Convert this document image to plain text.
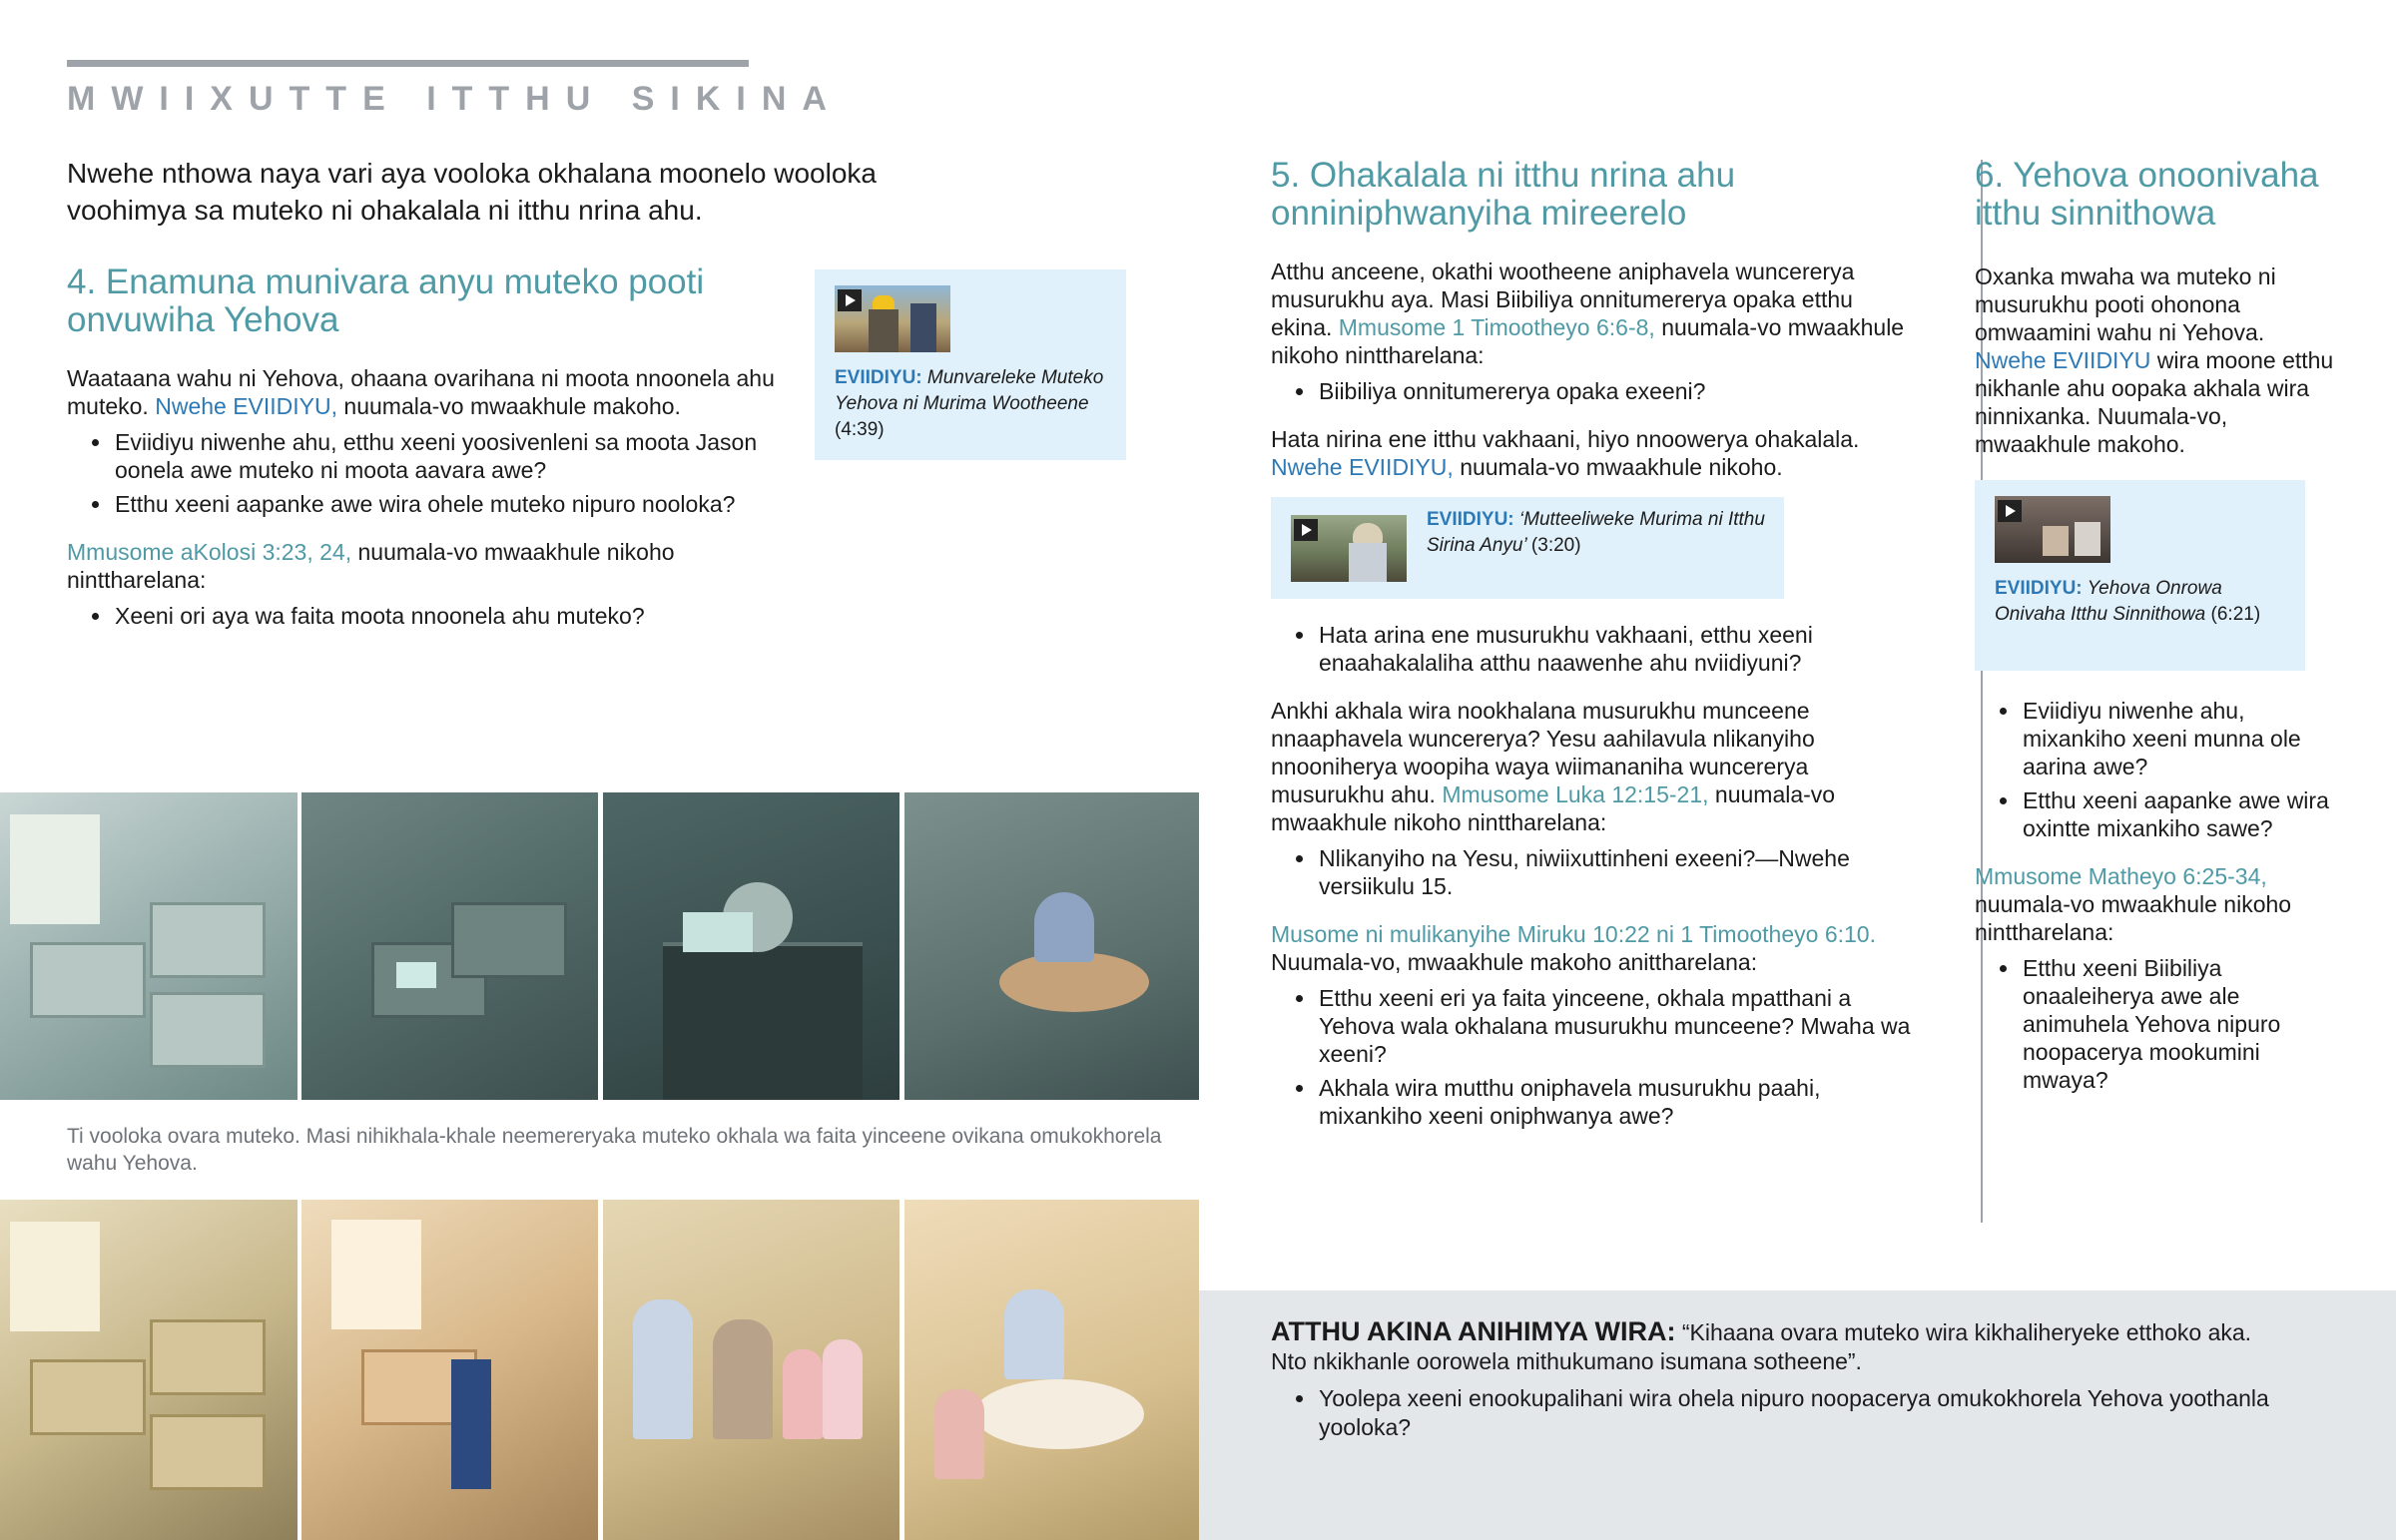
MWIIXUTTE ITTHU SIKINA
Nwehe nthowa naya vari aya vooloka okhalana moonelo wooloka voohimya sa muteko ni ohakalala ni itthu nrina ahu.
4. Enamuna munivara anyu muteko pooti onvuwiha Yehova

Waataana wahu ni Yehova, ohaana ovarihana ni moota nnoonela ahu muteko. Nwehe EVIIDIYU, nuumala-vo mwaakhule makoho.

• Eviidiyu niwenhe ahu, etthu xeeni yoosivenleni sa moota Jason oonela awe muteko ni moota aavara awe?
• Etthu xeeni aapanke awe wira ohele muteko nipuro nooloka?

Mmusome aKolosi 3:23, 24, nuumala-vo mwaakhule nikoho ninttharelana:

• Xeeni ori aya wa faita moota nnoonela ahu muteko?
EVIIDIYU: Munvareleke Muteko Yehova ni Murima Wootheene (4:39)
Ti vooloka ovara muteko. Masi nihikhala-khale neemereryaka muteko okhala wa faita yinceene ovikana omukokhorela wahu Yehova.
5. Ohakalala ni itthu nrina ahu onniniphwanyiha mireerelo

Atthu anceene, okathi wootheene aniphavela wuncererya musurukhu aya. Masi Biibiliya onnitumererya opaka etthu ekina. Mmusome 1 Timootheyo 6:6-8, nuumala-vo mwaakhule nikoho ninttharelana:

• Biibiliya onnitumererya opaka exeeni?

Hata nirina ene itthu vakhaani, hiyo nnoowerya ohakalala. Nwehe EVIIDIYU, nuumala-vo mwaakhule nikoho.

EVIIDIYU: ‘Mutteeliweke Murima ni Itthu Sirina Anyu’ (3:20)
• Hata arina ene musurukhu vakhaani, etthu xeeni enaahakalaliha atthu naawenhe ahu nviidiyuni?

Ankhi akhala wira nookhalana musurukhu munceene nnaaphavela wuncererya? Yesu aahilavula nlikanyiho nnooniherya woopiha waya wiimananiha wuncererya musurukhu ahu. Mmusome Luka 12:15-21, nuumala-vo mwaakhule nikoho ninttharelana:

• Nlikanyiho na Yesu, niwiixuttinheni exeeni?—Nwehe versiikulu 15.

Musome ni mulikanyihe Miruku 10:22 ni 1 Timootheyo 6:10. Nuumala-vo, mwaakhule makoho anittharelana:

• Etthu xeeni eri ya faita yinceene, okhala mpatthani a Yehova wala okhalana musurukhu munceene? Mwaha wa xeeni?
• Akhala wira mutthu oniphavela musurukhu paahi, mixankiho xeeni oniphwanya awe?
6. Yehova onoonivaha itthu sinnithowa

Oxanka mwaha wa muteko ni musurukhu pooti ohonona omwaamini wahu ni Yehova. Nwehe EVIIDIYU wira moone etthu nikhanle ahu oopaka akhala wira ninnixanka. Nuumala-vo, mwaakhule makoho.

EVIIDIYU: Yehova Onrowa Onivaha Itthu Sinnithowa (6:21)
• Eviidiyu niwenhe ahu, mixankiho xeeni munna ole aarina awe?
• Etthu xeeni aapanke awe wira oxintte mixankiho sawe?

Mmusome Matheyo 6:25-34, nuumala-vo mwaakhule nikoho ninttharelana:

• Etthu xeeni Biibiliya onaaleiherya awe ale animuhela Yehova nipuro noopacerya mookumini mwaya?

ATTHU AKINA ANIHIMYA WIRA: “Kihaana ovara muteko wira kikhaliheryeke etthoko aka. Nto nkikhanle oorowela mithukumano isumana sotheene”.

• Yoolepa xeeni enookupalihani wira ohela nipuro noopacerya omukokhorela Yehova yoothanla yooloka?
